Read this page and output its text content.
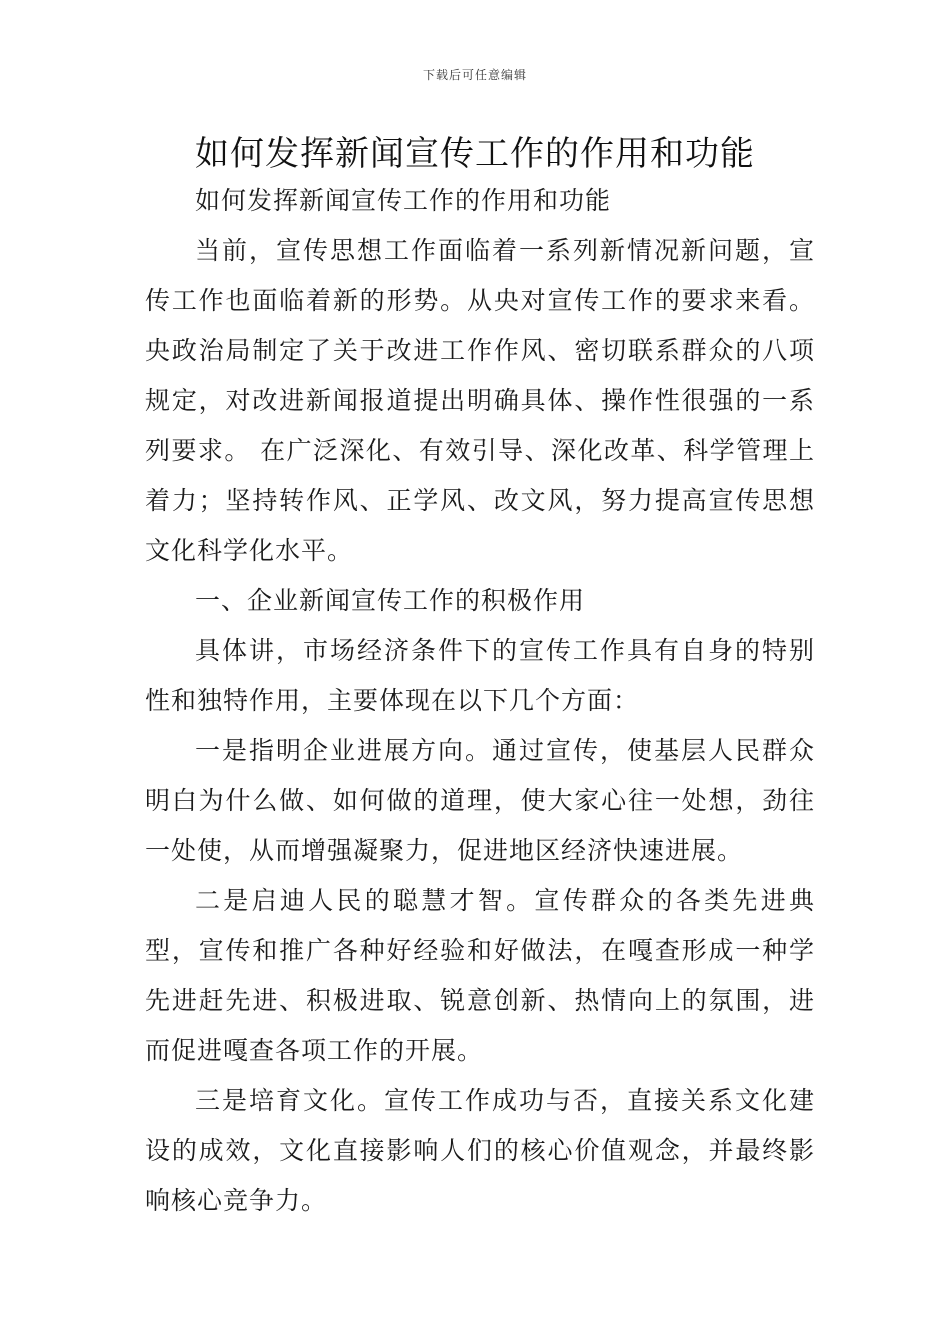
下载后可任意编辑
如何发挥新闻宣传工作的作用和功能

如何发挥新闻宣传工作的作用和功能

当前，宣传思想工作面临着一系列新情况新问题，宣传工作也面临着新的形势。从央对宣传工作的要求来看。央政治局制定了关于改进工作作风、密切联系群众的八项规定，对改进新闻报道提出明确具体、操作性很强的一系列要求。 在广泛深化、有效引导、深化改革、科学管理上着力；坚持转作风、正学风、改文风，努力提高宣传思想文化科学化水平。

一、企业新闻宣传工作的积极作用

具体讲，市场经济条件下的宣传工作具有自身的特别性和独特作用，主要体现在以下几个方面：

一是指明企业进展方向。通过宣传，使基层人民群众明白为什么做、如何做的道理，使大家心往一处想，劲往一处使，从而增强凝聚力，促进地区经济快速进展。

二是启迪人民的聪慧才智。宣传群众的各类先进典型，宣传和推广各种好经验和好做法，在嘎查形成一种学先进赶先进、积极进取、锐意创新、热情向上的氛围，进而促进嘎查各项工作的开展。

三是培育文化。宣传工作成功与否，直接关系文化建设的成效，文化直接影响人们的核心价值观念，并最终影响核心竞争力。
